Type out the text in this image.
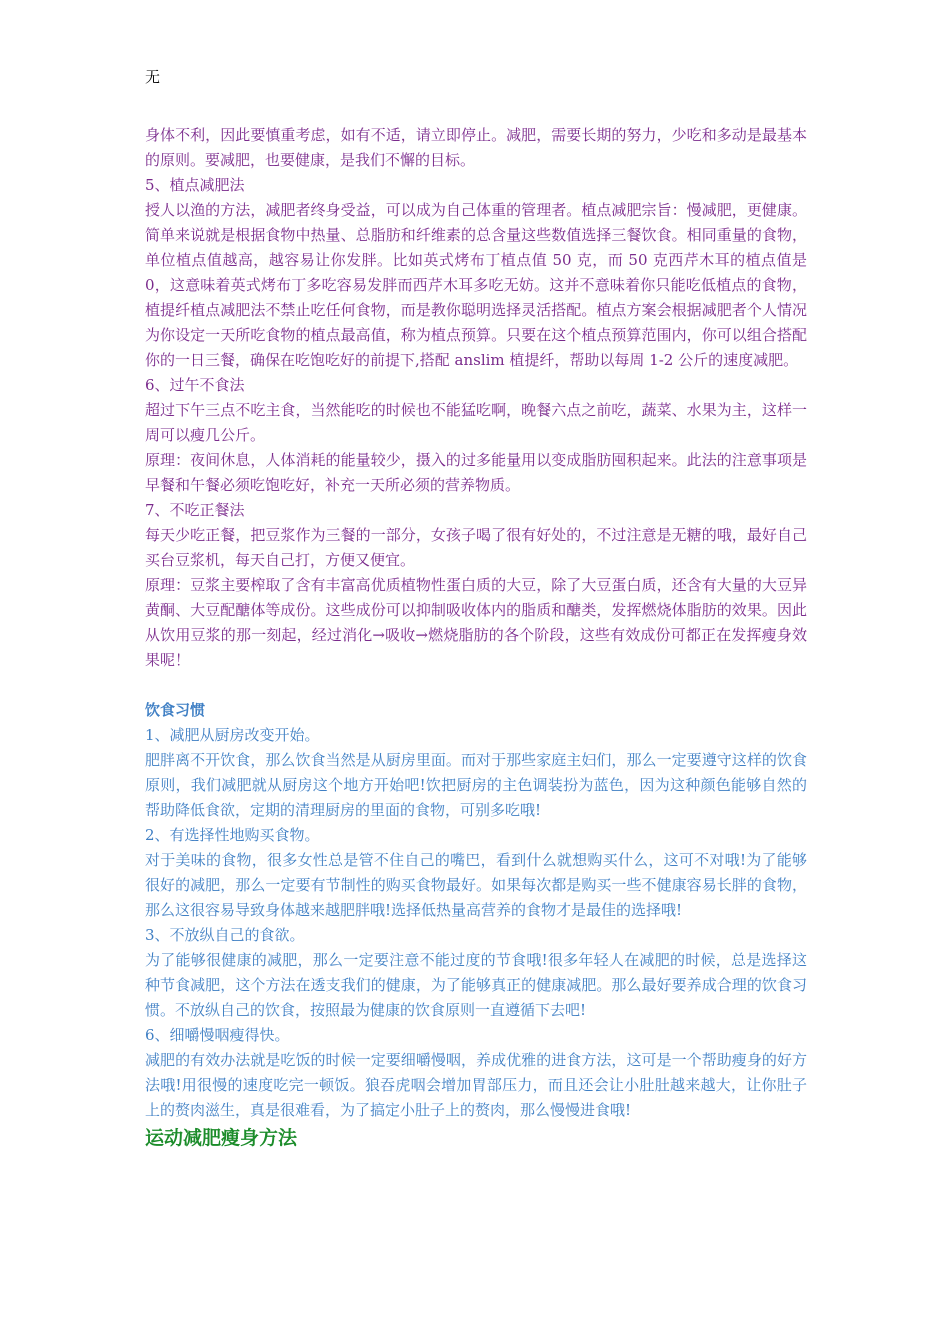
无

身体不利，因此要慎重考虑，如有不适，请立即停止。减肥，需要长期的努力，少吃和多动是最基本的原则。要减肥，也要健康，是我们不懈的目标。

5、植点减肥法

授人以渔的方法，减肥者终身受益，可以成为自己体重的管理者。植点减肥宗旨：慢减肥，更健康。简单来说就是根据食物中热量、总脂肪和纤维素的总含量这些数值选择三餐饮食。相同重量的食物，单位植点值越高，越容易让你发胖。比如英式烤布丁植点值 50 克，而 50 克西芹木耳的植点值是 0，这意味着英式烤布丁多吃容易发胖而西芹木耳多吃无妨。这并不意味着你只能吃低植点的食物，植提纤植点减肥法不禁止吃任何食物，而是教你聪明选择灵活搭配。植点方案会根据减肥者个人情况为你设定一天所吃食物的植点最高值，称为植点预算。只要在这个植点预算范围内，你可以组合搭配你的一日三餐，确保在吃饱吃好的前提下,搭配 anslim 植提纤，帮助以每周 1-2 公斤的速度减肥。

6、过午不食法

超过下午三点不吃主食，当然能吃的时候也不能猛吃啊，晚餐六点之前吃，蔬菜、水果为主，这样一周可以瘦几公斤。

原理：夜间休息，人体消耗的能量较少，摄入的过多能量用以变成脂肪囤积起来。此法的注意事项是早餐和午餐必须吃饱吃好，补充一天所必须的营养物质。

7、不吃正餐法

每天少吃正餐，把豆浆作为三餐的一部分，女孩子喝了很有好处的，不过注意是无糖的哦，最好自己买台豆浆机，每天自己打，方便又便宜。

原理：豆浆主要榨取了含有丰富高优质植物性蛋白质的大豆，除了大豆蛋白质，还含有大量的大豆异黄酮、大豆配醣体等成份。这些成份可以抑制吸收体内的脂质和醣类，发挥燃烧体脂肪的效果。因此从饮用豆浆的那一刻起，经过消化→吸收→燃烧脂肪的各个阶段，这些有效成份可都正在发挥瘦身效果呢！

饮食习惯

1、减肥从厨房改变开始。

肥胖离不开饮食，那么饮食当然是从厨房里面。而对于那些家庭主妇们，那么一定要遵守这样的饮食原则，我们减肥就从厨房这个地方开始吧!饮把厨房的主色调装扮为蓝色，因为这种颜色能够自然的帮助降低食欲，定期的清理厨房的里面的食物，可别多吃哦!

2、有选择性地购买食物。

对于美味的食物，很多女性总是管不住自己的嘴巴，看到什么就想购买什么，这可不对哦!为了能够很好的减肥，那么一定要有节制性的购买食物最好。如果每次都是购买一些不健康容易长胖的食物，那么这很容易导致身体越来越肥胖哦!选择低热量高营养的食物才是最佳的选择哦!

3、不放纵自己的食欲。

为了能够很健康的减肥，那么一定要注意不能过度的节食哦!很多年轻人在减肥的时候，总是选择这种节食减肥，这个方法在透支我们的健康，为了能够真正的健康减肥。那么最好要养成合理的饮食习惯。不放纵自己的饮食，按照最为健康的饮食原则一直遵循下去吧!

6、细嚼慢咽瘦得快。

减肥的有效办法就是吃饭的时候一定要细嚼慢咽，养成优雅的进食方法，这可是一个帮助瘦身的好方法哦!用很慢的速度吃完一顿饭。狼吞虎咽会增加胃部压力，而且还会让小肚肚越来越大，让你肚子上的赘肉滋生，真是很难看，为了搞定小肚子上的赘肉，那么慢慢进食哦!

运动减肥瘦身方法
